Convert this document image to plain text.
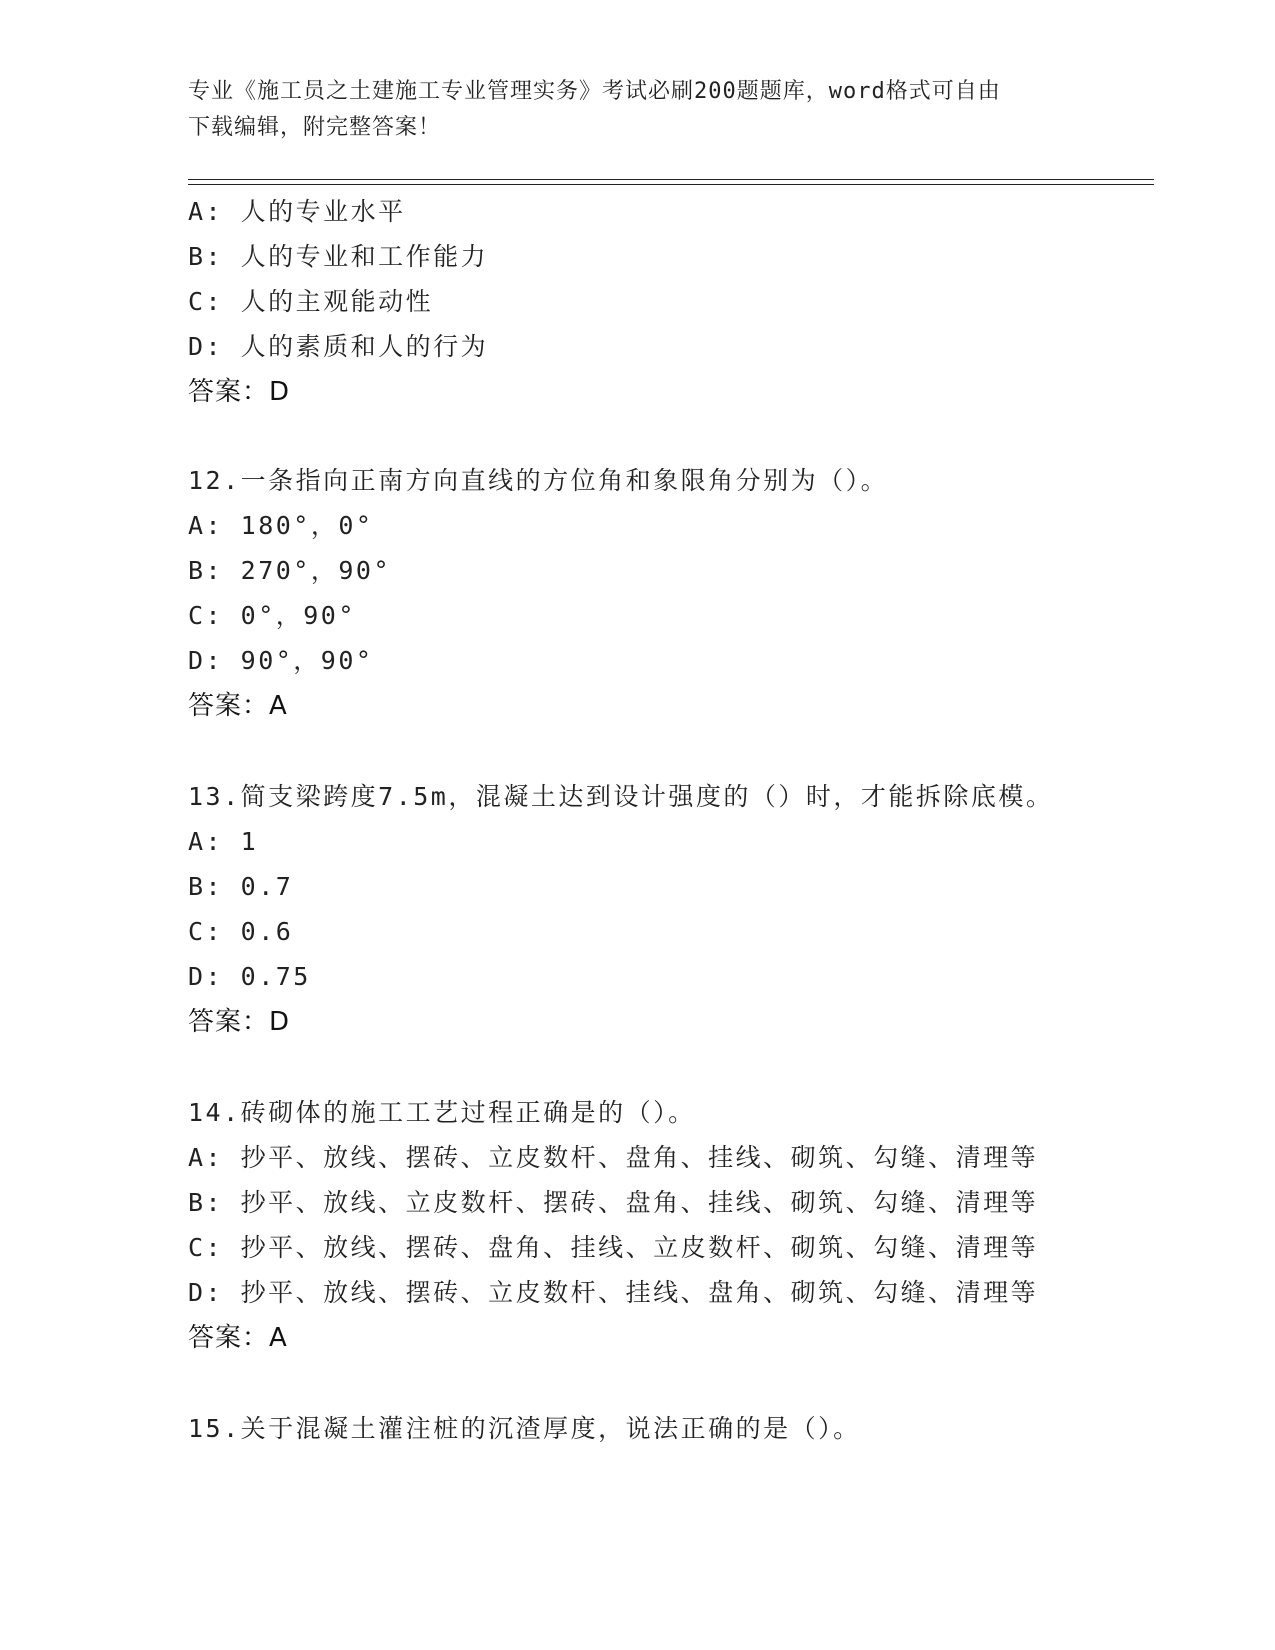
专业《施工员之土建施工专业管理实务》考试必刷200题题库，word格式可自由
下载编辑，附完整答案！
A: 人的专业水平
B: 人的专业和工作能力
C: 人的主观能动性
D: 人的素质和人的行为
答案：D
12.一条指向正南方向直线的方位角和象限角分别为（）。
A: 180°，0°
B: 270°，90°
C: 0°，90°
D: 90°，90°
答案：A
13.简支梁跨度7.5m，混凝土达到设计强度的（）时，才能拆除底模。
A: 1
B: 0.7
C: 0.6
D: 0.75
答案：D
14.砖砌体的施工工艺过程正确是的（）。
A: 抄平、放线、摆砖、立皮数杆、盘角、挂线、砌筑、勾缝、清理等
B: 抄平、放线、立皮数杆、摆砖、盘角、挂线、砌筑、勾缝、清理等
C: 抄平、放线、摆砖、盘角、挂线、立皮数杆、砌筑、勾缝、清理等
D: 抄平、放线、摆砖、立皮数杆、挂线、盘角、砌筑、勾缝、清理等
答案：A
15.关于混凝土灌注桩的沉渣厚度，说法正确的是（）。
